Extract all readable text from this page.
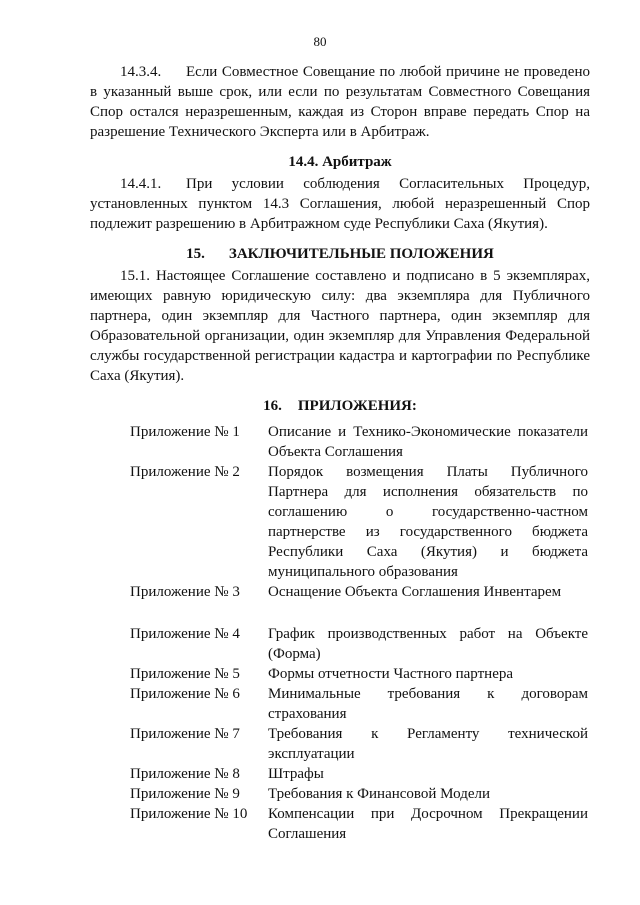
80

14.3.4. Если Совместное Совещание по любой причине не проведено в указанный выше срок, или если по результатам Совместного Совещания Спор остался неразрешенным, каждая из Сторон вправе передать Спор на разрешение Технического Эксперта или в Арбитраж.

14.4. Арбитраж

14.4.1. При условии соблюдения Согласительных Процедур, установленных пунктом 14.3 Соглашения, любой неразрешенный Спор подлежит разрешению в Арбитражном суде Республики Саха (Якутия).

15. ЗАКЛЮЧИТЕЛЬНЫЕ ПОЛОЖЕНИЯ

15.1. Настоящее Соглашение составлено и подписано в 5 экземплярах, имеющих равную юридическую силу: два экземпляра для Публичного партнера, один экземпляр для Частного партнера, один экземпляр для Образовательной организации, один экземпляр для Управления Федеральной службы государственной регистрации кадастра и картографии по Республике Саха (Якутия).

16. ПРИЛОЖЕНИЯ:
Приложение № 1	Описание и Технико-Экономические показатели Объекта Соглашения
Приложение № 2	Порядок возмещения Платы Публичного Партнера для исполнения обязательств по соглашению о государственно-частном партнерстве из государственного бюджета Республики Саха (Якутия) и бюджета муниципального образования
Приложение № 3	Оснащение Объекта Соглашения Инвентарем
Приложение № 4	График производственных работ на Объекте (Форма)
Приложение № 5	Формы отчетности Частного партнера
Приложение № 6	Минимальные требования к договорам страхования
Приложение № 7	Требования к Регламенту технической эксплуатации
Приложение № 8	Штрафы
Приложение № 9	Требования к Финансовой Модели
Приложение № 10	Компенсации при Досрочном Прекращении Соглашения
